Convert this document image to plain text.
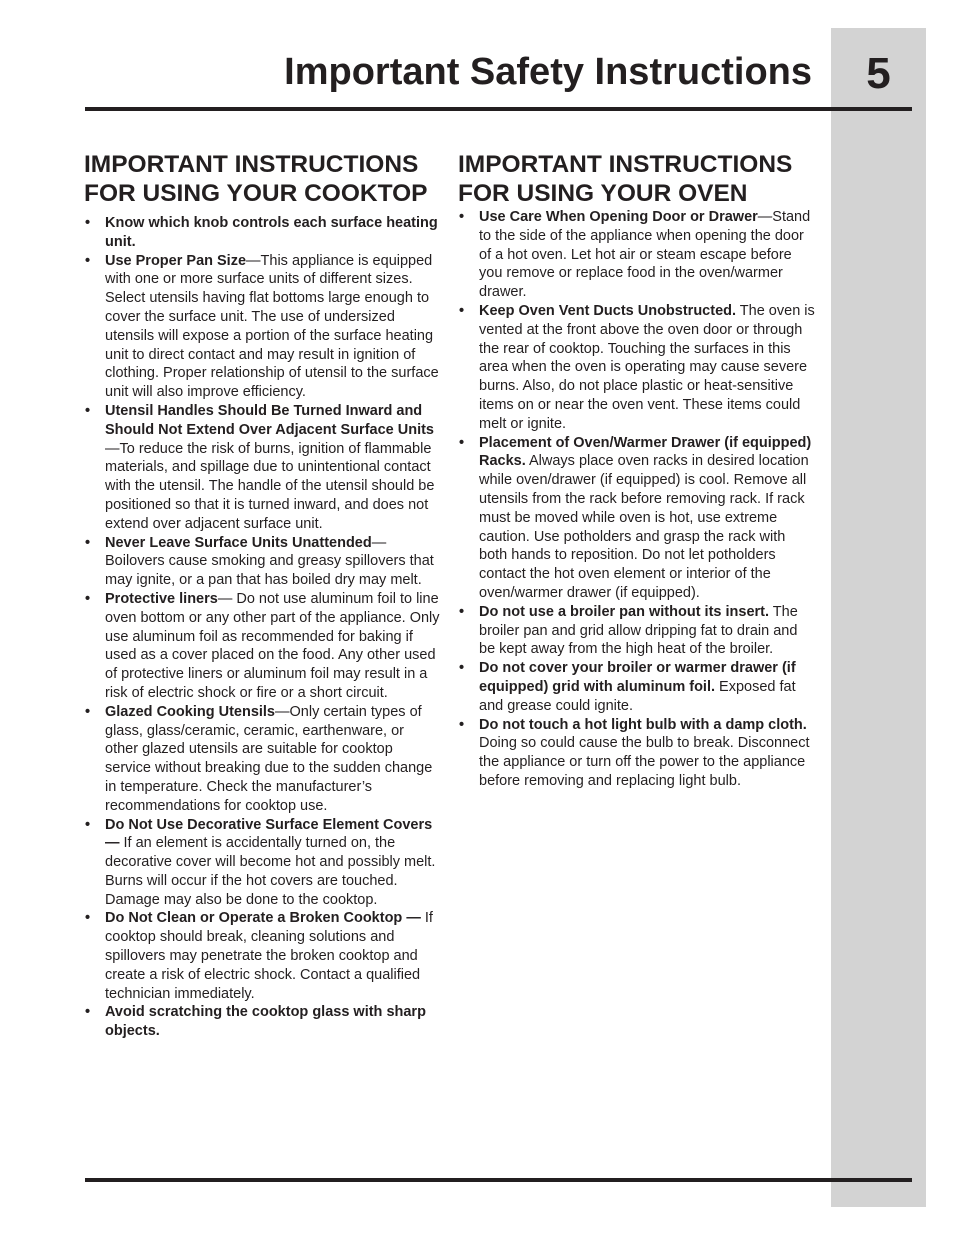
5
Important Safety Instructions
IMPORTANT INSTRUCTIONS
FOR USING YOUR COOKTOP
• Know which knob controls each surface heating unit.
• Use Proper Pan Size—This appliance is equipped with one or more surface units of different sizes. Select utensils having flat bottoms large enough to cover the surface unit. The use of undersized utensils will expose a portion of the surface heating unit to direct contact and may result in ignition of clothing. Proper relationship of utensil to the surface unit will also improve efficiency.
• Utensil Handles Should Be Turned Inward and Should Not Extend Over Adjacent Surface Units—To reduce the risk of burns, ignition of flammable materials, and spillage due to unintentional contact with the utensil. The handle of the utensil should be positioned so that it is turned inward, and does not extend over adjacent surface unit.
• Never Leave Surface Units Unattended—Boilovers cause smoking and greasy spillovers that may ignite, or a pan that has boiled dry may melt.
• Protective liners— Do not use aluminum foil to line oven bottom or any other part of the appliance. Only use aluminum foil as recommended for baking if used as a cover placed on the food. Any other used of protective liners or aluminum foil may result in a risk of electric shock or fire or a short circuit.
• Glazed Cooking Utensils—Only certain types of glass, glass/ceramic, ceramic, earthenware, or other glazed utensils are suitable for cooktop service without breaking due to the sudden change in temperature. Check the manufacturer’s recommendations for cooktop use.
• Do Not Use Decorative Surface Element Covers— If an element is accidentally turned on, the decorative cover will become hot and possibly melt. Burns will occur if the hot covers are touched. Damage may also be done to the cooktop.
• Do Not Clean or Operate a Broken Cooktop — If cooktop should break, cleaning solutions and spillovers may penetrate the broken cooktop and create a risk of electric shock. Contact a qualified technician immediately.
• Avoid scratching the cooktop glass with sharp objects.
IMPORTANT INSTRUCTIONS
FOR USING YOUR OVEN
• Use Care When Opening Door or Drawer—Stand to the side of the appliance when opening the door of a hot oven. Let hot air or steam escape before you remove or replace food in the oven/warmer drawer.
• Keep Oven Vent Ducts Unobstructed. The oven is vented at the front above the oven door or through the rear of cooktop. Touching the surfaces in this area when the oven is operating may cause severe burns. Also, do not place plastic or heat-sensitive items on or near the oven vent. These items could melt or ignite.
• Placement of Oven/Warmer Drawer (if equipped) Racks. Always place oven racks in desired location while oven/drawer (if equipped) is cool. Remove all utensils from the rack before removing rack. If rack must be moved while oven is hot, use extreme caution. Use potholders and grasp the rack with both hands to reposition. Do not let potholders contact the hot oven element or interior of the oven/warmer drawer (if equipped).
• Do not use a broiler pan without its insert. The broiler pan and grid allow dripping fat to drain and be kept away from the high heat of the broiler.
• Do not cover your broiler or warmer drawer (if equipped) grid with aluminum foil. Exposed fat and grease could ignite.
• Do not touch a hot light bulb with a damp cloth. Doing so could cause the bulb to break. Disconnect the appliance or turn off the power to the appliance before removing and replacing light bulb.
